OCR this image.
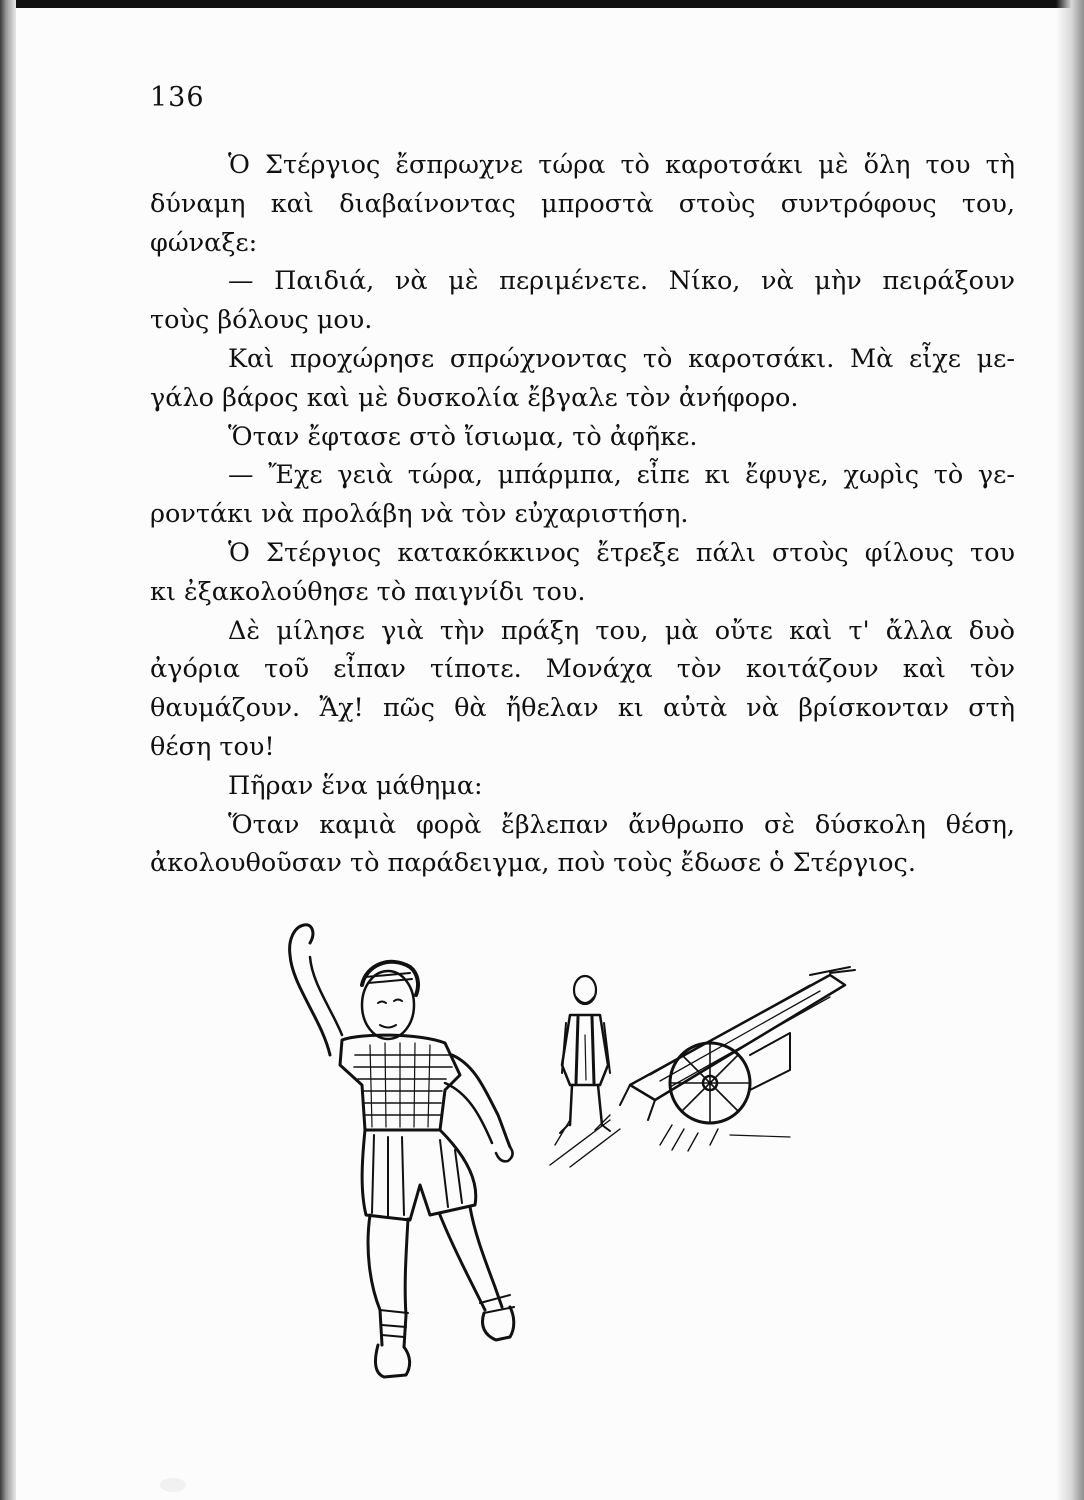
136
Ὁ Στέργιος ἔσπρωχνε τώρα τὸ καροτσάκι μὲ ὅλη του τὴ
δύναμη καὶ διαβαίνοντας μπροστὰ στοὺς συντρόφους του,
φώναξε:
— Παιδιά, νὰ μὲ περιμένετε. Νίκο, νὰ μὴν πειράξουν
τοὺς βόλους μου.
Καὶ προχώρησε σπρώχνοντας τὸ καροτσάκι. Μὰ εἶχε με-
γάλο βάρος καὶ μὲ δυσκολία ἔβγαλε τὸν ἀνήφορο.
Ὅταν ἔφτασε στὸ ἴσιωμα, τὸ ἀφῆκε.
— Ἔχε γειὰ τώρα, μπάρμπα, εἶπε κι ἔφυγε, χωρὶς τὸ γε-
ροντάκι νὰ προλάβη νὰ τὸν εὐχαριστήση.
Ὁ Στέργιος κατακόκκινος ἔτρεξε πάλι στοὺς φίλους του
κι ἐξακολούθησε τὸ παιγνίδι του.
Δὲ μίλησε γιὰ τὴν πράξη του, μὰ οὔτε καὶ τ' ἄλλα δυὸ
ἀγόρια τοῦ εἶπαν τίποτε. Μονάχα τὸν κοιτάζουν καὶ τὸν
θαυμάζουν. Ἄχ! πῶς θὰ ἤθελαν κι αὐτὰ νὰ βρίσκονταν στὴ
θέση του!
Πῆραν ἕνα μάθημα:
Ὅταν καμιὰ φορὰ ἔβλεπαν ἄνθρωπο σὲ δύσκολη θέση,
ἀκολουθοῦσαν τὸ παράδειγμα, ποὺ τοὺς ἔδωσε ὁ Στέργιος.
